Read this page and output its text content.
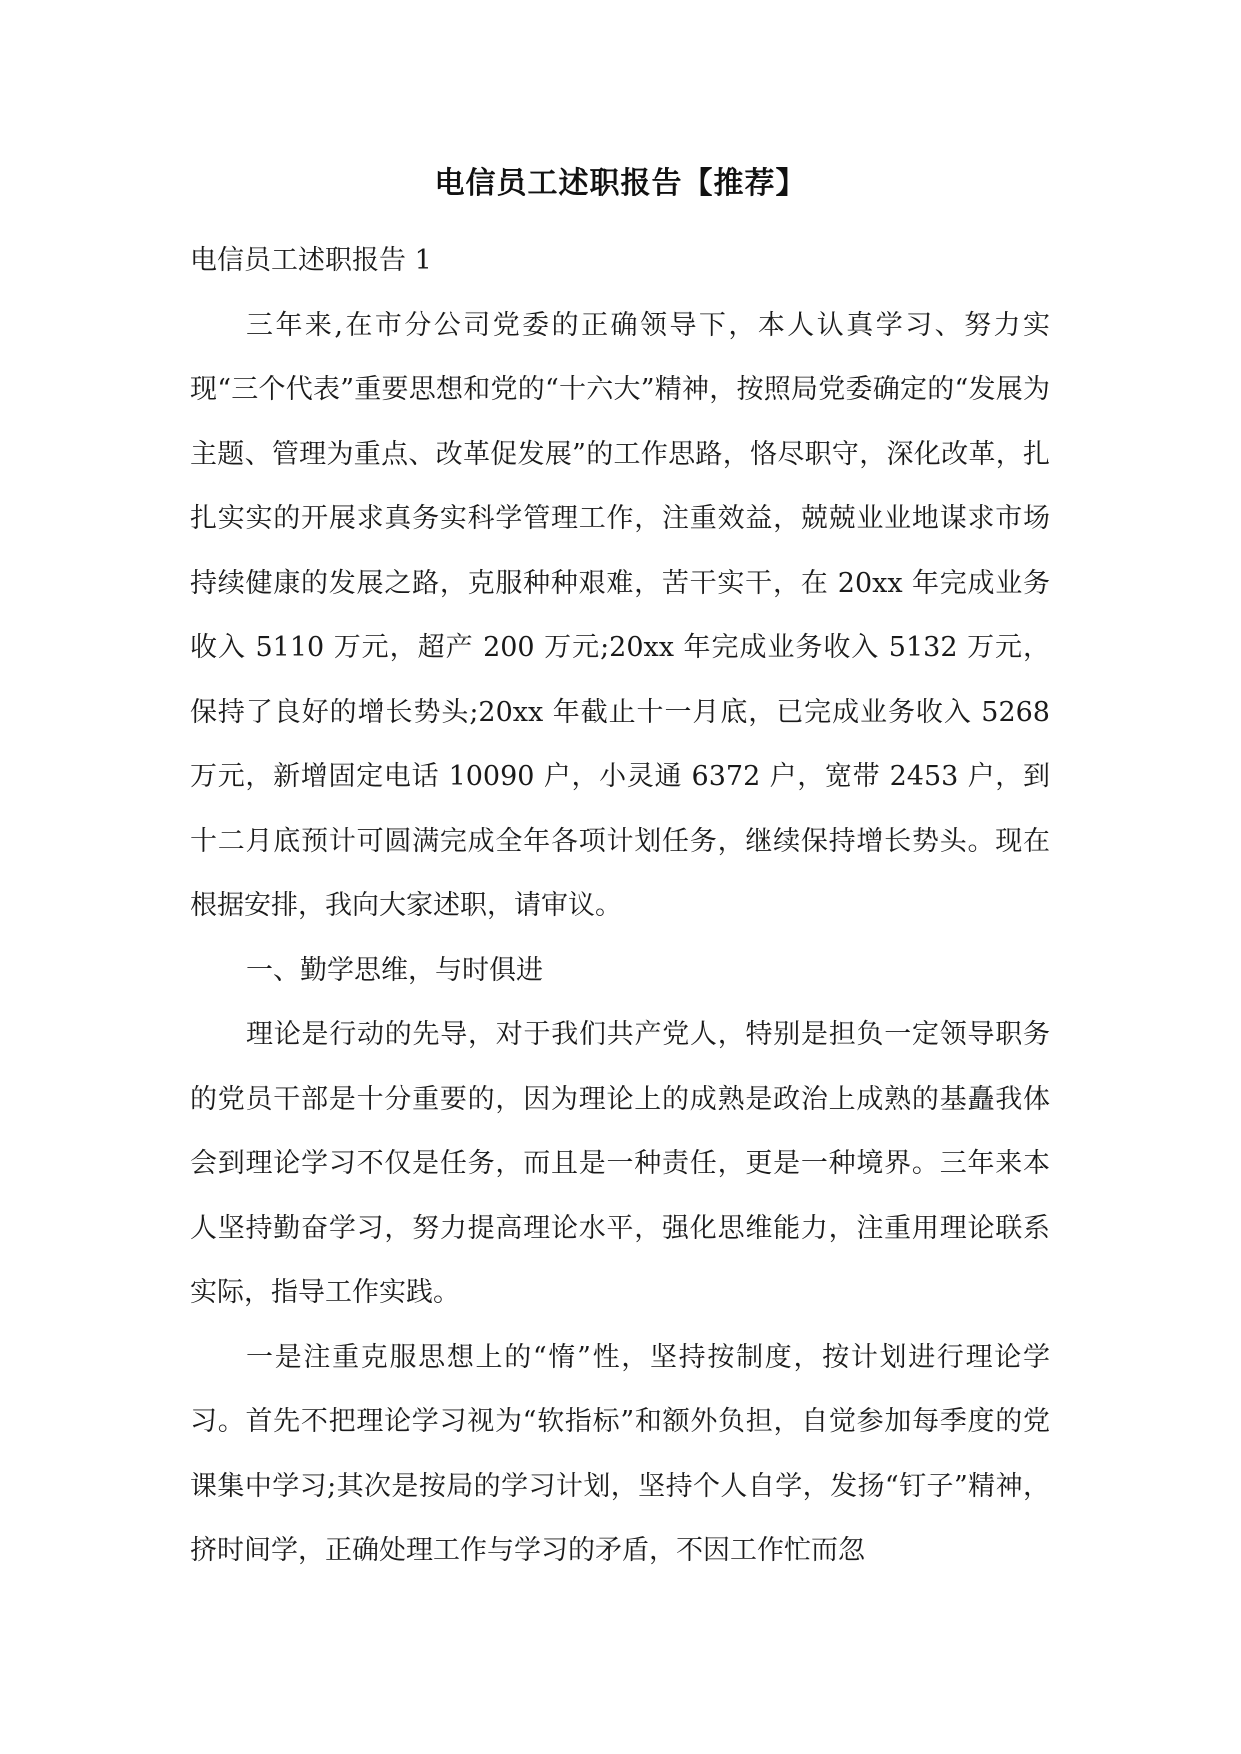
电信员工述职报告【推荐】

电信员工述职报告 1

三年来,在市分公司党委的正确领导下，本人认真学习、努力实现“三个代表”重要思想和党的“十六大”精神，按照局党委确定的“发展为主题、管理为重点、改革促发展”的工作思路，恪尽职守，深化改革，扎扎实实的开展求真务实科学管理工作，注重效益，兢兢业业地谋求市场持续健康的发展之路，克服种种艰难，苦干实干，在 20xx 年完成业务收入 5110 万元，超产 200 万元;20xx 年完成业务收入 5132 万元，保持了良好的增长势头;20xx 年截止十一月底，已完成业务收入 5268 万元，新增固定电话 10090 户，小灵通 6372 户，宽带 2453 户，到十二月底预计可圆满完成全年各项计划任务，继续保持增长势头。现在根据安排，我向大家述职，请审议。

一、勤学思维，与时俱进

理论是行动的先导，对于我们共产党人，特别是担负一定领导职务的党员干部是十分重要的，因为理论上的成熟是政治上成熟的基矗我体会到理论学习不仅是任务，而且是一种责任，更是一种境界。三年来本人坚持勤奋学习，努力提高理论水平，强化思维能力，注重用理论联系实际，指导工作实践。

一是注重克服思想上的“惰”性，坚持按制度，按计划进行理论学习。首先不把理论学习视为“软指标”和额外负担，自觉参加每季度的党课集中学习;其次是按局的学习计划，坚持个人自学，发扬“钉子”精神，挤时间学，正确处理工作与学习的矛盾，不因工作忙而忽
